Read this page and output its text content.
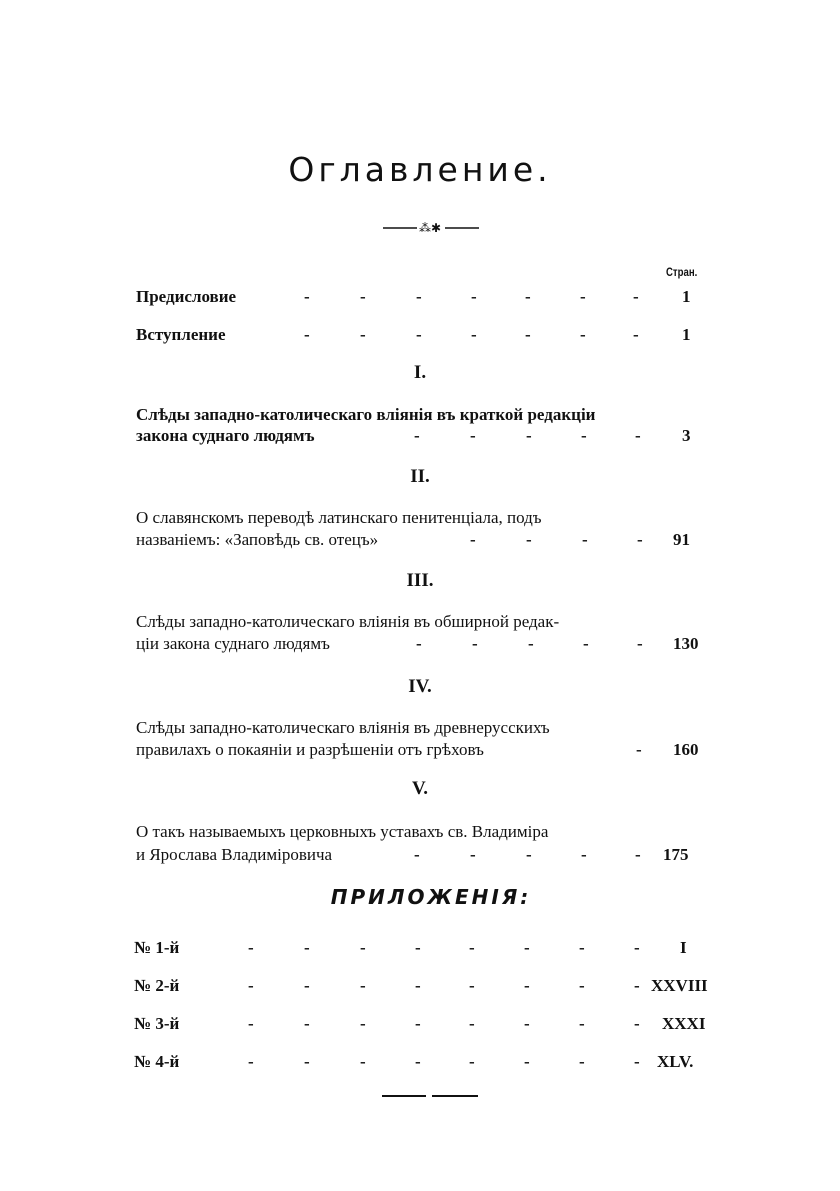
Оглавление.
⁂✱
Стран.
Предисловие	-	-	-	-	-	-	-	1
Вступление	-	-	-	-	-	-	-	1
I.
Слѣды западно-католическаго вліянія въ краткой редакціи
закона суднаго людямъ	-	-	-	-	- 3
II.
О славянскомъ переводѣ латинскаго пенитенціала, подъ
названіемъ: «Заповѣдь св. отецъ»	-	-	-	- 91
III.
Слѣды западно-католическаго вліянія въ обширной редак-
ціи закона суднаго людямъ	-	-	-	-	- 130
IV.
Слѣды западно-католическаго вліянія въ древнерусскихъ
правилахъ о покаяніи и разрѣшеніи отъ грѣховъ	- 160
V.
О такъ называемыхъ церковныхъ уставахъ св. Владиміра
и Ярослава Владиміровича	-	-	-	-	- 175
ПРИЛОЖЕНІЯ:
№ 1-й	-	-	-	-	-	-	-	- I
№ 2-й	-	-	-	-	-	-	-	- XXVIII
№ 3-й	-	-	-	-	-	-	-	- XXXI
№ 4-й	-	-	-	-	-	-	-	- XLV.
